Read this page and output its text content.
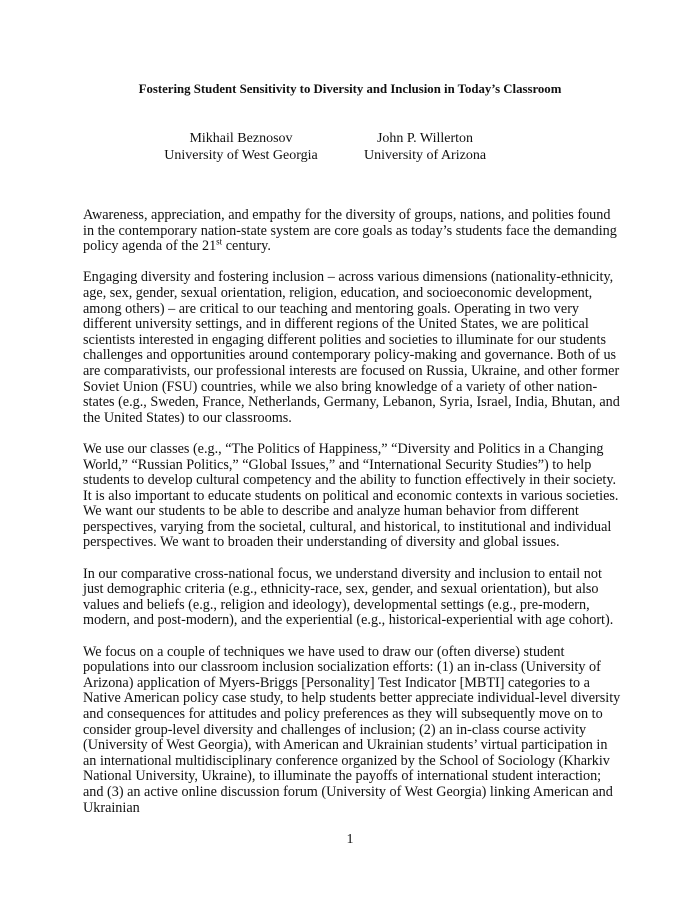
Fostering Student Sensitivity to Diversity and Inclusion in Today’s Classroom
Mikhail Beznosov
University of West Georgia
John P. Willerton
University of Arizona

Awareness, appreciation, and empathy for the diversity of groups, nations, and polities found in the contemporary nation-state system are core goals as today’s students face the demanding policy agenda of the 21st century.

Engaging diversity and fostering inclusion – across various dimensions (nationality-ethnicity, age, sex, gender, sexual orientation, religion, education, and socioeconomic development, among others) – are critical to our teaching and mentoring goals. Operating in two very different university settings, and in different regions of the United States, we are political scientists interested in engaging different polities and societies to illuminate for our students challenges and opportunities around contemporary policy-making and governance. Both of us are comparativists, our professional interests are focused on Russia, Ukraine, and other former Soviet Union (FSU) countries, while we also bring knowledge of a variety of other nation-states (e.g., Sweden, France, Netherlands, Germany, Lebanon, Syria, Israel, India, Bhutan, and the United States) to our classrooms.

We use our classes (e.g., “The Politics of Happiness,” “Diversity and Politics in a Changing World,” “Russian Politics,” “Global Issues,” and “International Security Studies”) to help students to develop cultural competency and the ability to function effectively in their society. It is also important to educate students on political and economic contexts in various societies. We want our students to be able to describe and analyze human behavior from different perspectives, varying from the societal, cultural, and historical, to institutional and individual perspectives. We want to broaden their understanding of diversity and global issues.

In our comparative cross-national focus, we understand diversity and inclusion to entail not just demographic criteria (e.g., ethnicity-race, sex, gender, and sexual orientation), but also values and beliefs (e.g., religion and ideology), developmental settings (e.g., pre-modern, modern, and post-modern), and the experiential (e.g., historical-experiential with age cohort).

We focus on a couple of techniques we have used to draw our (often diverse) student populations into our classroom inclusion socialization efforts: (1) an in-class (University of Arizona) application of Myers-Briggs [Personality] Test Indicator [MBTI] categories to a Native American policy case study, to help students better appreciate individual-level diversity and consequences for attitudes and policy preferences as they will subsequently move on to consider group-level diversity and challenges of inclusion; (2) an in-class course activity (University of West Georgia), with American and Ukrainian students’ virtual participation in an international multidisciplinary conference organized by the School of Sociology (Kharkiv National University, Ukraine), to illuminate the payoffs of international student interaction; and (3) an active online discussion forum (University of West Georgia) linking American and Ukrainian

1
